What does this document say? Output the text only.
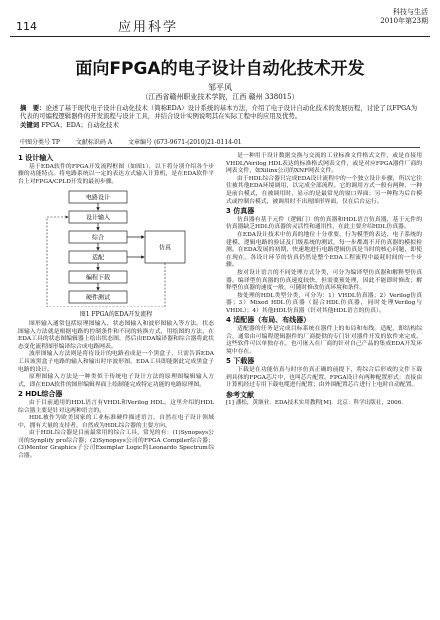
114	应用科学
科技与生活
2010年第23期
面向FPGA的电子设计自动化技术开发
邹平风
（江西省赣州职业技术学院，江西 赣州 338015）
摘　要：论述了基于现代电子设计自动化技术（简称EDA）设计系统的基本方法，介绍了电子设计自动化技术的发展历程，讨论了以FPGA为代表的可编程逻辑器件的开发流程与设计工具，并结合设计实例说明其在实际工程中的应用及优势。
关键词 FPGA；EDA；自动化技术
中图分类号 TP	文献标识码 A	文章编号 (673-9671-(2010)21-0114-01
1 设计输入

基于EDA软件的FPGA开发流程框图（如图1），以下将分别介绍各个步骤的功能特点。将电路系统以一定的表达方式输入计算机，是在EDA软件平台上对FPGA/CPLD开发的最初步骤。

电路设计
设计输入
综合
适配
编程下载
硬件测试
仿真
图1 FPGA的EDA开发流程

图形输入通常包括原理图输入、状态图输入和波形图输入等方法。状态图输入方法就是根据电路的控制条件和不同的转换方式，用绘图的方法，在EDA工具的状态图编辑器上绘出状态图，然后由EDA编译器和综合器将此状态变化流程图形编译综合成电路网表。

波形图输入方法则是将待设计的电路看成是一个黑盒子，只需告诉EDA工具该黑盒子电路的输入和输出时序波形图，EDA工具即能据此完成黑盒子电路的设计。

原理图输入方法是一种类似于传统电子设计方法的原理图编辑输入方式，即在EDA软件的图形编辑界面上绘制能完成特定功能的电路原理图。

2 HDL综合器

由于目前通用的HDL语言有VHDL和Verilog HDL，这里介绍的HDL综合器主要是针对这两种语言的。

HDL被作为欧美国家的工业标准硬件描述语言，自然在电子设计领域中，拥有大量的支持者，自然成为HDL综合器的主要方向。

由于HDL综合器是目前最常用的综合工具，常见的有：(1)Synopsys公司的Synplify pro综合器；(2)Synopsys公司的FPGA Compiler综合器；(3)Mentor Graphics子公司Exemplar Logic的Leonardo Spectrum综合器。

是一种用于设计数据交换与交流的工业标准文件格式文件，或是直接用VHDL/Verilog HDL表达的标准格式网表文件，或是对应FPGA器件厂商的网表文件，如Xilinx公司的XNF网表文件。

由于HDL综合器只完成EDA设计流程中的一个独立设计步骤，所以它往往被其他EDA环境调用，以完成全部流程。它的调用方式一般有两种，一种是前台模式，在被调用时，显示的是最常见的窗口界面；另一种称为后台模式或控制台模式，被调用时不出现图形界面，仅在后台运行。

3 仿真器

仿真器有基于元件（逻辑门）的仿真器和HDL语言仿真器，基于元件的仿真器缺乏HDL仿真器的灵活性和通用性，在此主要介绍HDL仿真器。

在EDA设计技术中仿真的地位十分重要，行为模型的表达、电子系统的建模、逻辑电路的验证及门级系统的测试，每一步都离不开仿真器的模拟检测。在EDA发展的初期，快速地进行电路逻辑仿真是当时的核心问题，即使在现在，各设计环节的仿真仍然是整个EDA工程流程中最耗时间的一个步骤。

按对设计语言的不同处理方式分类，可分为编译型仿真器和解释型仿真器。编译型仿真器的仿真速度较快，但需要预处理，因此不能即时修改；解释型仿真器的速度一般，可随时修改仿真环境和条件。

按处理的HDL类型分类，可分为：1）VHDL仿真器；2）Verilog仿真器；3）Mixed HDL仿真器（混合HDL仿真器，同时处理Verilog与VHDL）；4）其他HDL仿真器（针对其他HDL语言的仿真）。

4 适配器（布局、布线器）

适配器的任务是完成目标系统在器件上的布局和布线。适配，即结构综合，通常由可编程逻辑器件的厂商提供的专门针对器件开发的软件来完成。这些软件可以单独存在，也可嵌入在厂商的针对自己产品的集成EDA开发环境中存在。

5 下载器

下载是在功能仿真与时序仿真正确的前提下，将综合后形成的文件下载到具体的FPGA芯片中，也叫芯片配置。FPGA设计有两种配置形式：直接由计算机经过专用下载电缆进行配置；由外围配置芯片进行上电时自动配置。

参考文献

[1] 潘松，黄继业．EDA技术实用教程[M]．北京：科学出版社，2006．
